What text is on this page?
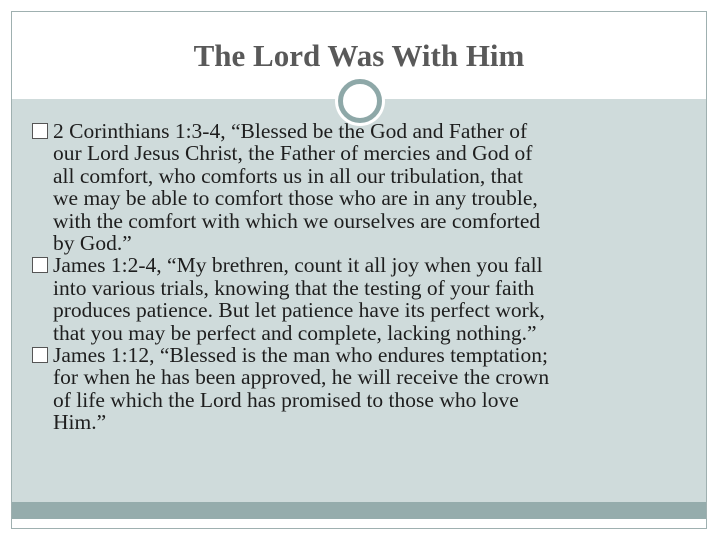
The Lord Was With Him
2 Corinthians 1:3-4, “Blessed be the God and Father of
our Lord Jesus Christ, the Father of mercies and God of
all comfort, who comforts us in all our tribulation, that
we may be able to comfort those who are in any trouble,
with the comfort with which we ourselves are comforted
by God.”
James 1:2-4, “My brethren, count it all joy when you fall
into various trials, knowing that the testing of your faith
produces patience. But let patience have its perfect work,
that you may be perfect and complete, lacking nothing.”
James 1:12, “Blessed is the man who endures temptation;
for when he has been approved, he will receive the crown
of life which the Lord has promised to those who love
Him.”
